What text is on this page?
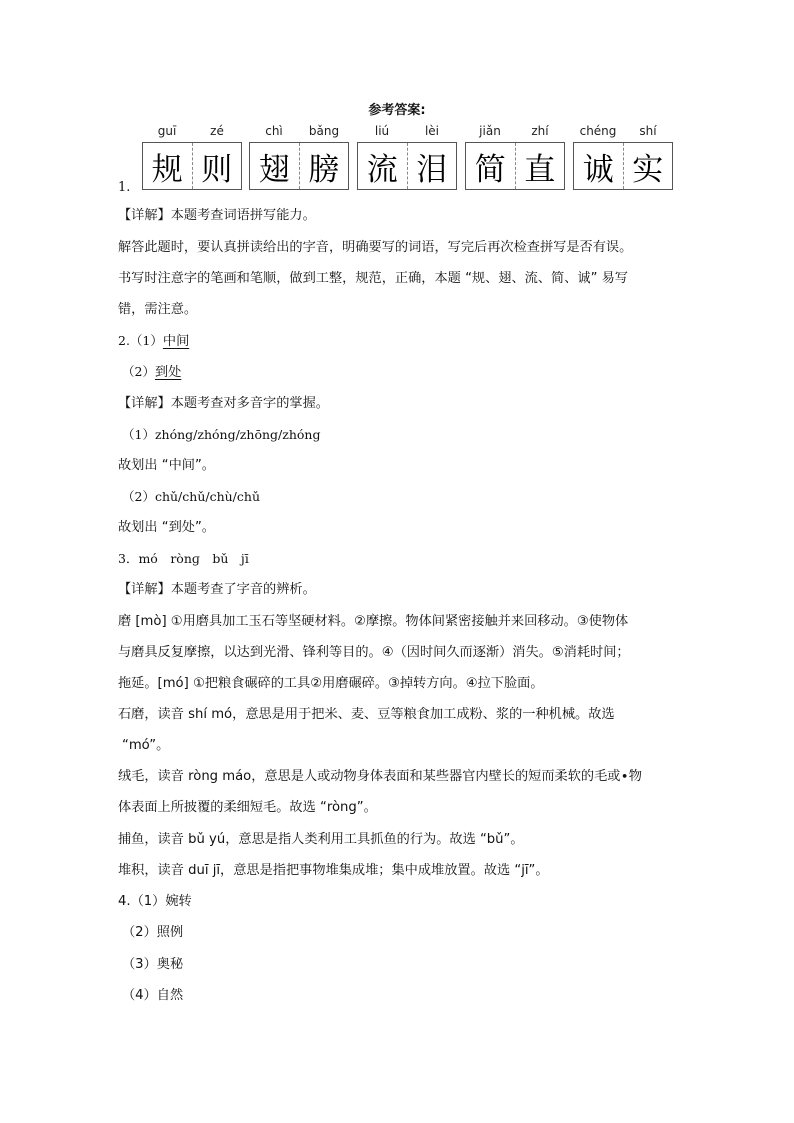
参考答案:
guī	zé
规 则
chì	bǎng
翅 膀
liú	lèi
流 泪
jiǎn	zhí
简 直
chéng	shí
诚 实
1.
【详解】本题考查词语拼写能力。
解答此题时，要认真拼读给出的字音，明确要写的词语，写完后再次检查拼写是否有误。
书写时注意字的笔画和笔顺，做到工整，规范，正确，本题 “规、翅、流、简、诚” 易写
错，需注意。
2.（1）中间
（2）到处
【详解】本题考查对多音字的掌握。
（1）zhóng/zhóng/zhōng/zhóng
故划出 “中间”。
（2）chǔ/chǔ/chù/chǔ
故划出 “到处”。
3．mó　rònɡ　bǔ　jī
【详解】本题考查了字音的辨析。
磨 [mò] ①用磨具加工玉石等坚硬材料。②摩擦。物体间紧密接触并来回移动。③使物体
与磨具反复摩擦，以达到光滑、锋利等目的。④（因时间久而逐渐）消失。⑤消耗时间；
拖延。[mó] ①把粮食碾碎的工具②用磨碾碎。③掉转方向。④拉下脸面。
石磨，读音 shí mó，意思是用于把米、麦、豆等粮食加工成粉、浆的一种机械。故选
“mó”。
绒毛，读音 ròng máo，意思是人或动物身体表面和某些器官内壁长的短而柔软的毛或∙物
体表面上所披覆的柔细短毛。故选 “ròng”。
捕鱼，读音 bǔ yú，意思是指人类利用工具抓鱼的行为。故选 “bǔ”。
堆积，读音 duī jī，意思是指把事物堆集成堆；集中成堆放置。故选 “jī”。
4.（1）婉转
（2）照例
（3）奥秘
（4）自然
